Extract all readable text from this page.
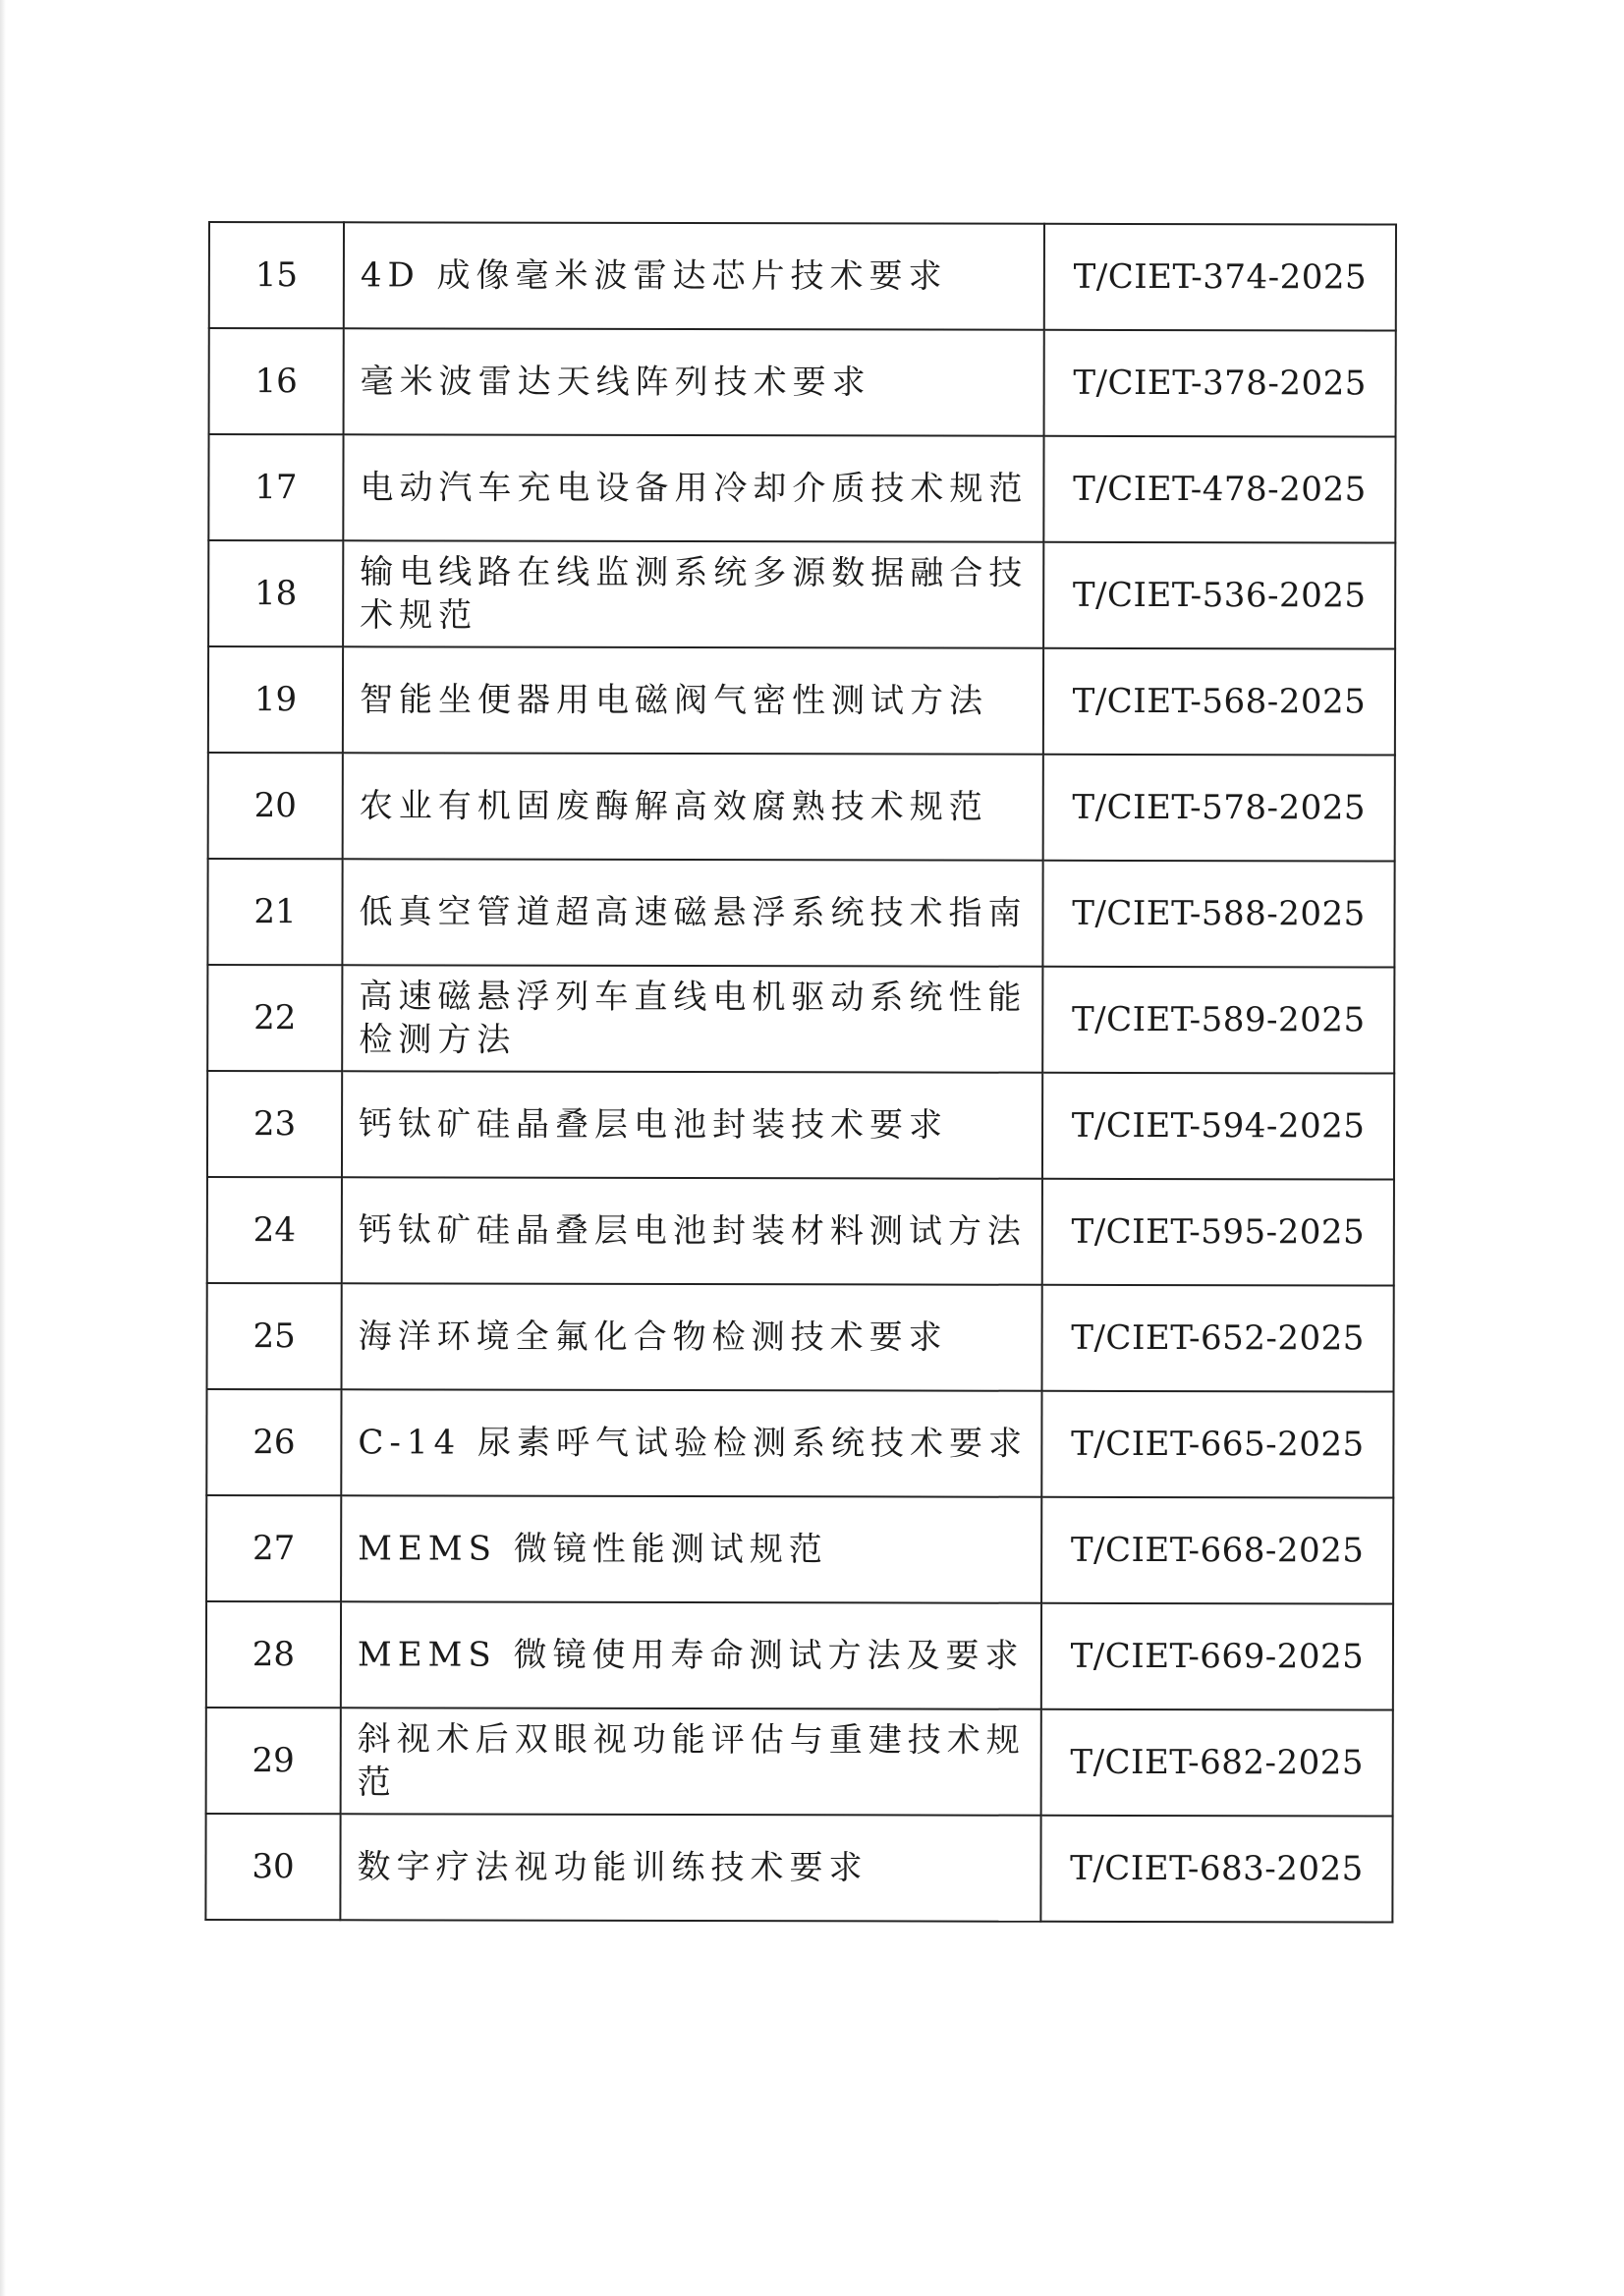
15	4D 成像毫米波雷达芯片技术要求	T/CIET-374-2025
16	毫米波雷达天线阵列技术要求	T/CIET-378-2025
17	电动汽车充电设备用冷却介质技术规范	T/CIET-478-2025
18	输电线路在线监测系统多源数据融合技术规范	T/CIET-536-2025
19	智能坐便器用电磁阀气密性测试方法	T/CIET-568-2025
20	农业有机固废酶解高效腐熟技术规范	T/CIET-578-2025
21	低真空管道超高速磁悬浮系统技术指南	T/CIET-588-2025
22	高速磁悬浮列车直线电机驱动系统性能检测方法	T/CIET-589-2025
23	钙钛矿硅晶叠层电池封装技术要求	T/CIET-594-2025
24	钙钛矿硅晶叠层电池封装材料测试方法	T/CIET-595-2025
25	海洋环境全氟化合物检测技术要求	T/CIET-652-2025
26	C-14 尿素呼气试验检测系统技术要求	T/CIET-665-2025
27	MEMS 微镜性能测试规范	T/CIET-668-2025
28	MEMS 微镜使用寿命测试方法及要求	T/CIET-669-2025
29	斜视术后双眼视功能评估与重建技术规范	T/CIET-682-2025
30	数字疗法视功能训练技术要求	T/CIET-683-2025
